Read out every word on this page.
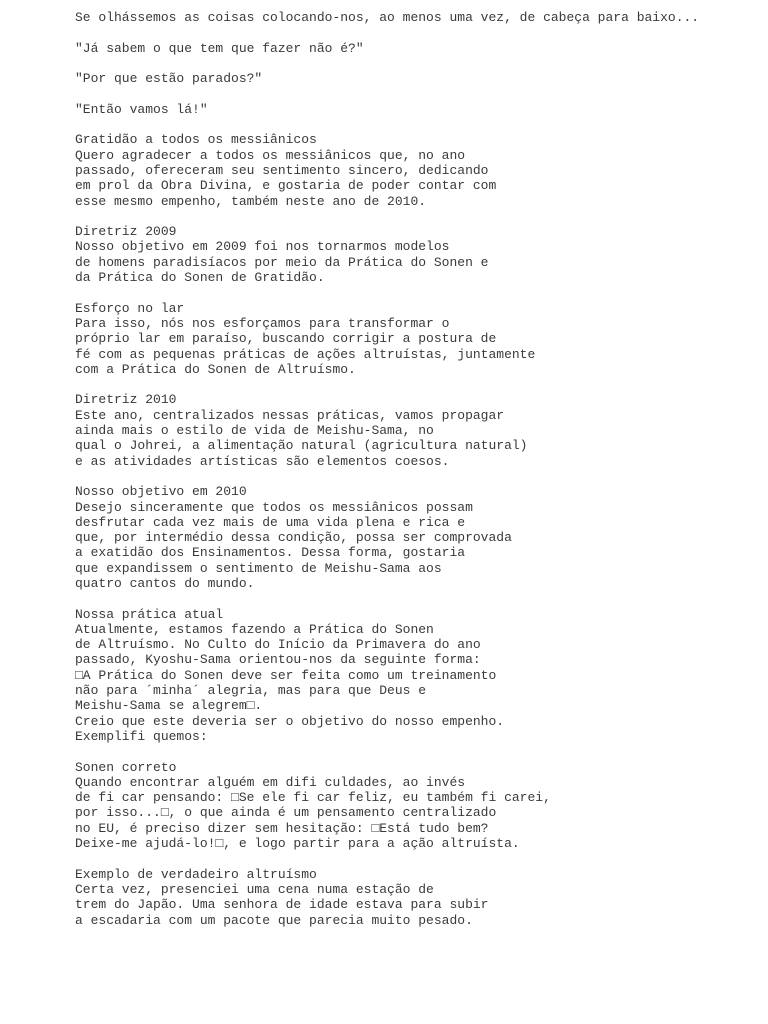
Se olhássemos as coisas colocando-nos, ao menos uma vez, de cabeça para baixo...
"Já sabem o que tem que fazer não é?"
"Por que estão parados?"
"Então vamos lá!"
Gratidão a todos os messiânicos
Quero agradecer a todos os messiânicos que, no ano
passado, ofereceram seu sentimento sincero, dedicando
em prol da Obra Divina, e gostaria de poder contar com
esse mesmo empenho, também neste ano de 2010.
Diretriz 2009
Nosso objetivo em 2009 foi nos tornarmos modelos
de homens paradisíacos por meio da Prática do Sonen e
da Prática do Sonen de Gratidão.
Esforço no lar
Para isso, nós nos esforçamos para transformar o
próprio lar em paraíso, buscando corrigir a postura de
fé com as pequenas práticas de ações altruístas, juntamente
com a Prática do Sonen de Altruísmo.
Diretriz 2010
Este ano, centralizados nessas práticas, vamos propagar
ainda mais o estilo de vida de Meishu-Sama, no
qual o Johrei, a alimentação natural (agricultura natural)
e as atividades artísticas são elementos coesos.
Nosso objetivo em 2010
Desejo sinceramente que todos os messiânicos possam
desfrutar cada vez mais de uma vida plena e rica e
que, por intermédio dessa condição, possa ser comprovada
a exatidão dos Ensinamentos. Dessa forma, gostaria
que expandissem o sentimento de Meishu-Sama aos
quatro cantos do mundo.
Nossa prática atual
Atualmente, estamos fazendo a Prática do Sonen
de Altruísmo. No Culto do Início da Primavera do ano
passado, Kyoshu-Sama orientou-nos da seguinte forma:
□A Prática do Sonen deve ser feita como um treinamento
não para ´minha´ alegria, mas para que Deus e
Meishu-Sama se alegrem□.
Creio que este deveria ser o objetivo do nosso empenho.
Exemplifi quemos:
Sonen correto
Quando encontrar alguém em difi culdades, ao invés
de fi car pensando: □Se ele fi car feliz, eu também fi carei,
por isso...□, o que ainda é um pensamento centralizado
no EU, é preciso dizer sem hesitação: □Está tudo bem?
Deixe-me ajudá-lo!□, e logo partir para a ação altruísta.
Exemplo de verdadeiro altruísmo
Certa vez, presenciei uma cena numa estação de
trem do Japão. Uma senhora de idade estava para subir
a escadaria com um pacote que parecia muito pesado.
